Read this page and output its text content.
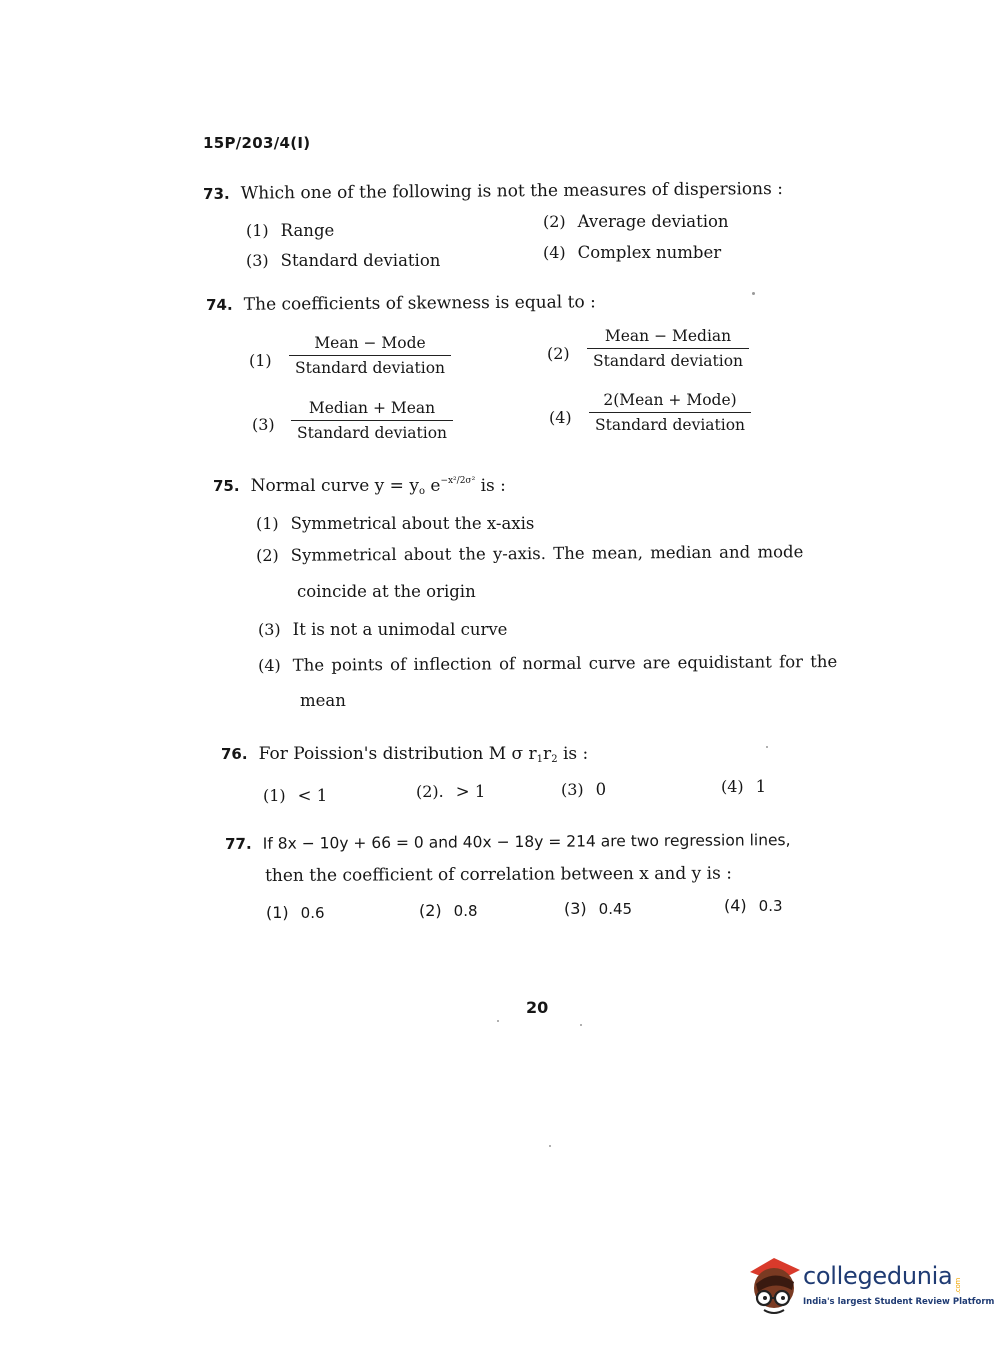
15P/203/4(I)
73. Which one of the following is not the measures of dispersions :
(1) Range	(2) Average deviation
(3) Standard deviation	(4) Complex number
74. The coefficients of skewness is equal to :
(1)
Mean − Mode
Standard deviation
(2)
Mean − Median
Standard deviation
(3)
Median + Mean
Standard deviation
(4)
2(Mean + Mode)
Standard deviation
75. Normal curve $y = y_o$ $e^{-x^2/2\sigma^2}$ is :
(1) Symmetrical about the x-axis
(2) Symmetrical about the y-axis. The mean, median and mode
coincide at the origin
(3) It is not a unimodal curve
(4) The points of inflection of normal curve are equidistant for the
mean
76. For Poission's distribution M σ $r_1r_2$ is :
(1) < 1	(2). > 1	(3) 0	(4) 1
77. If 8x − 10y + 66 = 0 and 40x − 18y = 214 are two regression lines,
then the coefficient of correlation between x and y is :
(1) 0.6	(2) 0.8	(3) 0.45	(4) 0.3
20
collegedunia .com
India's largest Student Review Platform
